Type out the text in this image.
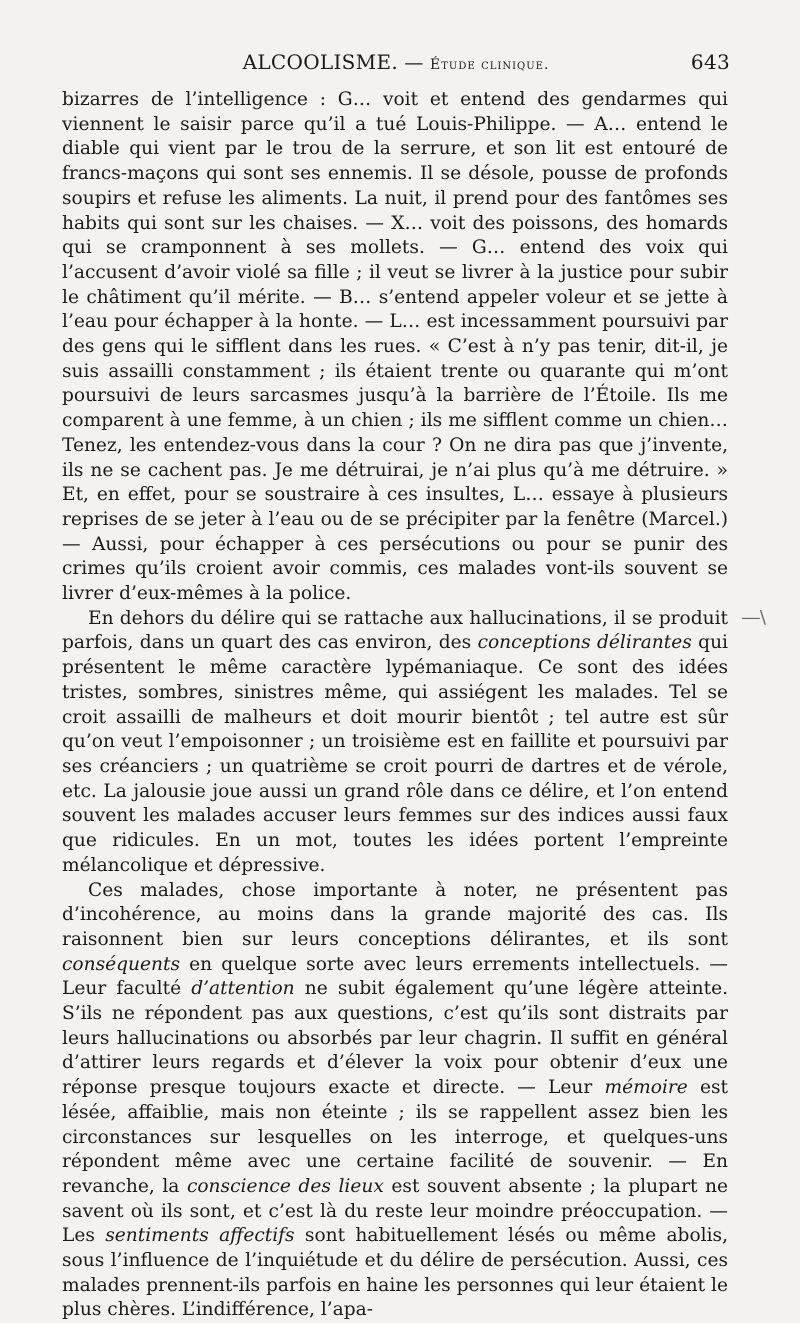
ALCOOLISME. — Étude clinique.	643

bizarres de l’intelligence : G… voit et entend des gendarmes qui viennent le saisir parce qu’il a tué Louis-Philippe. — A… entend le diable qui vient par le trou de la serrure, et son lit est entouré de francs-maçons qui sont ses ennemis. Il se désole, pousse de profonds soupirs et refuse les aliments. La nuit, il prend pour des fantômes ses habits qui sont sur les chaises. — X… voit des poissons, des homards qui se cramponnent à ses mollets. — G… entend des voix qui l’accusent d’avoir violé sa fille ; il veut se livrer à la justice pour subir le châtiment qu’il mérite. — B… s’entend appeler voleur et se jette à l’eau pour échapper à la honte. — L… est incessamment poursuivi par des gens qui le sifflent dans les rues. « C’est à n’y pas tenir, dit-il, je suis assailli constamment ; ils étaient trente ou quarante qui m’ont poursuivi de leurs sarcasmes jusqu’à la barrière de l’Étoile. Ils me comparent à une femme, à un chien ; ils me sifflent comme un chien… Tenez, les entendez-vous dans la cour ? On ne dira pas que j’invente, ils ne se cachent pas. Je me détruirai, je n’ai plus qu’à me détruire. » Et, en effet, pour se soustraire à ces insultes, L… essaye à plusieurs reprises de se jeter à l’eau ou de se précipiter par la fenêtre (Marcel.) — Aussi, pour échapper à ces persécutions ou pour se punir des crimes qu’ils croient avoir commis, ces malades vont-ils souvent se livrer d’eux-mêmes à la police.

En dehors du délire qui se rattache aux hallucinations, il se produit parfois, dans un quart des cas environ, des conceptions délirantes qui présentent le même caractère lypémaniaque. Ce sont des idées tristes, sombres, sinistres même, qui assiégent les malades. Tel se croit assailli de malheurs et doit mourir bientôt ; tel autre est sûr qu’on veut l’empoisonner ; un troisième est en faillite et poursuivi par ses créanciers ; un quatrième se croit pourri de dartres et de vérole, etc. La jalousie joue aussi un grand rôle dans ce délire, et l’on entend souvent les malades accuser leurs femmes sur des indices aussi faux que ridicules. En un mot, toutes les idées portent l’empreinte mélancolique et dépressive.

Ces malades, chose importante à noter, ne présentent pas d’incohérence, au moins dans la grande majorité des cas. Ils raisonnent bien sur leurs conceptions délirantes, et ils sont conséquents en quelque sorte avec leurs errements intellectuels. — Leur faculté d’attention ne subit également qu’une légère atteinte. S’ils ne répondent pas aux questions, c’est qu’ils sont distraits par leurs hallucinations ou absorbés par leur chagrin. Il suffit en général d’attirer leurs regards et d’élever la voix pour obtenir d’eux une réponse presque toujours exacte et directe. — Leur mémoire est lésée, affaiblie, mais non éteinte ; ils se rappellent assez bien les circonstances sur lesquelles on les interroge, et quelques-uns répondent même avec une certaine facilité de souvenir. — En revanche, la conscience des lieux est souvent absente ; la plupart ne savent où ils sont, et c’est là du reste leur moindre préoccupation. — Les sentiments affectifs sont habituellement lésés ou même abolis, sous l’influence de l’inquiétude et du délire de persécution. Aussi, ces malades prennent-ils parfois en haine les personnes qui leur étaient le plus chères. L’indifférence, l’apa-

―\
